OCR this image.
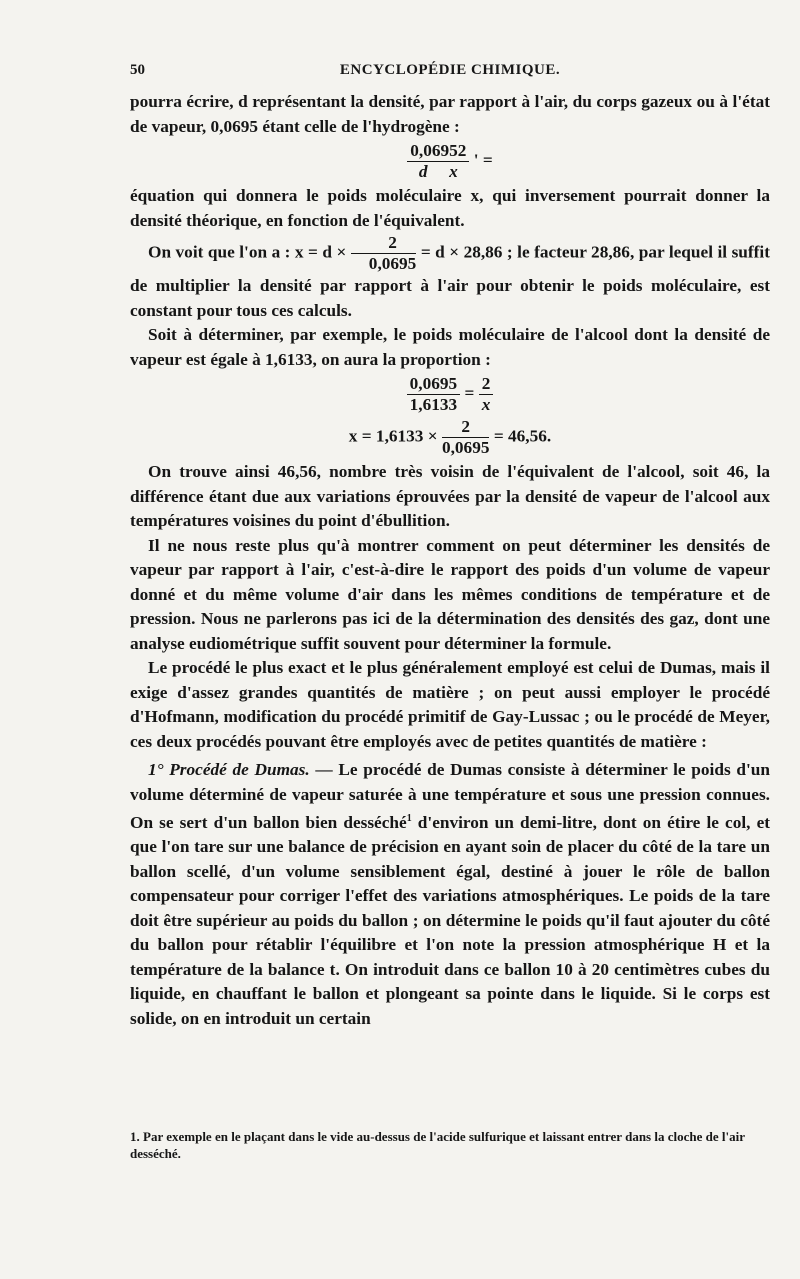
50	ENCYCLOPÉDIE CHIMIQUE.

pourra écrire, d représentant la densité, par rapport à l'air, du corps gazeux ou à l'état de vapeur, 0,0695 étant celle de l'hydrogène :

$\frac{0,06952}{\text{d x}}$ ' =

équation qui donnera le poids moléculaire x, qui inversement pourrait donner la densité théorique, en fonction de l'équivalent.

On voit que l'on a : $x = d \times \frac{2}{0,0695} = d \times 28,86$ ; le facteur 28,86, par lequel il suffit de multiplier la densité par rapport à l'air pour obtenir le poids moléculaire, est constant pour tous ces calculs.

Soit à déterminer, par exemple, le poids moléculaire de l'alcool dont la densité de vapeur est égale à 1,6133, on aura la proportion :

$\frac{0,0695}{1,6133} = \frac{2}{x}$
$x = 1,6133 \times \frac{2}{0,0695} = 46,56$.

On trouve ainsi 46,56, nombre très voisin de l'équivalent de l'alcool, soit 46, la différence étant due aux variations éprouvées par la densité de vapeur de l'alcool aux températures voisines du point d'ébullition.

Il ne nous reste plus qu'à montrer comment on peut déterminer les densités de vapeur par rapport à l'air, c'est-à-dire le rapport des poids d'un volume de vapeur donné et du même volume d'air dans les mêmes conditions de température et de pression. Nous ne parlerons pas ici de la détermination des densités des gaz, dont une analyse eudiométrique suffit souvent pour déterminer la formule.

Le procédé le plus exact et le plus généralement employé est celui de Dumas, mais il exige d'assez grandes quantités de matière ; on peut aussi employer le procédé d'Hofmann, modification du procédé primitif de Gay-Lussac ; ou le procédé de Meyer, ces deux procédés pouvant être employés avec de petites quantités de matière :

1° Procédé de Dumas. — Le procédé de Dumas consiste à déterminer le poids d'un volume déterminé de vapeur saturée à une température et sous une pression connues. On se sert d'un ballon bien desséché$^1$ d'environ un demi-litre, dont on étire le col, et que l'on tare sur une balance de précision en ayant soin de placer du côté de la tare un ballon scellé, d'un volume sensiblement égal, destiné à jouer le rôle de ballon compensateur pour corriger l'effet des variations atmosphériques. Le poids de la tare doit être supérieur au poids du ballon ; on détermine le poids qu'il faut ajouter du côté du ballon pour rétablir l'équilibre et l'on note la pression atmosphérique H et la température de la balance t. On introduit dans ce ballon 10 à 20 centimètres cubes du liquide, en chauffant le ballon et plongeant sa pointe dans le liquide. Si le corps est solide, on en introduit un certain

1. Par exemple en le plaçant dans le vide au-dessus de l'acide sulfurique et laissant entrer dans la cloche de l'air desséché.
